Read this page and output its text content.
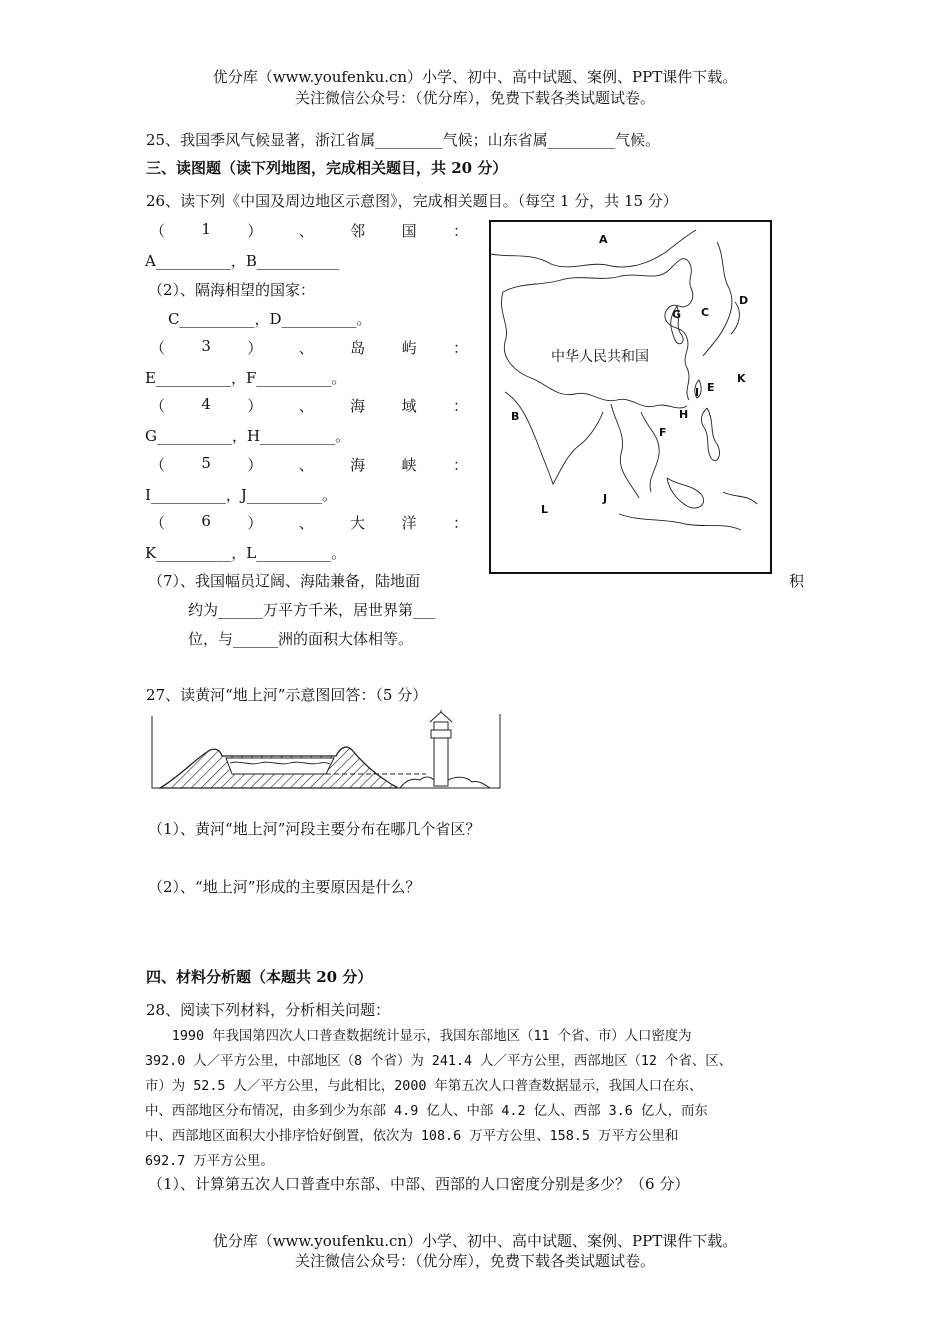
优分库（www.youfenku.cn）小学、初中、高中试题、案例、PPT课件下载。
关注微信公众号：（优分库），免费下载各类试题试卷。
25、我国季风气候显著，浙江省属_________气候；山东省属_________气候。
三、读图题（读下列地图，完成相关题目，共 20 分）
26、读下列《中国及周边地区示意图》，完成相关题目。（每空 1 分，共 15 分）
（ 1 ） 、 邻 国 ：
A__________，B___________
（2）、隔海相望的国家：
C__________，D__________。
（ 3 ） 、 岛 屿 ：
E__________，F__________。
（ 4 ） 、 海 域 ：
G__________，H__________。
（ 5 ） 、 海 峡 ：
I__________，J__________。
（ 6 ） 、 大 洋 ：
K__________，L__________。
（7）、我国幅员辽阔、海陆兼备，陆地面	积
约为______万平方千米，居世界第___
位，与______洲的面积大体相等。
A
B
C
D
E
F
G
H
I
J
K
L
中华人民共和国
27、读黄河“地上河”示意图回答：（5 分）
（1）、黄河“地上河”河段主要分布在哪几个省区？
（2）、“地上河”形成的主要原因是什么？
四、材料分析题（本题共 20 分）
28、阅读下列材料，分析相关问题：
　　1990 年我国第四次人口普查数据统计显示，我国东部地区（11 个省、市）人口密度为
392.0 人／平方公里，中部地区（8 个省）为 241.4 人／平方公里，西部地区（12 个省、区、
市）为 52.5 人／平方公里，与此相比，2000 年第五次人口普查数据显示，我国人口在东、
中、西部地区分布情况，由多到少为东部 4.9 亿人、中部 4.2 亿人、西部 3.6 亿人，而东
中、西部地区面积大小排序恰好倒置，依次为 108.6 万平方公里、158.5 万平方公里和
692.7 万平方公里。
（1）、计算第五次人口普查中东部、中部、西部的人口密度分别是多少？（6 分）
优分库（www.youfenku.cn）小学、初中、高中试题、案例、PPT课件下载。
关注微信公众号：（优分库），免费下载各类试题试卷。
